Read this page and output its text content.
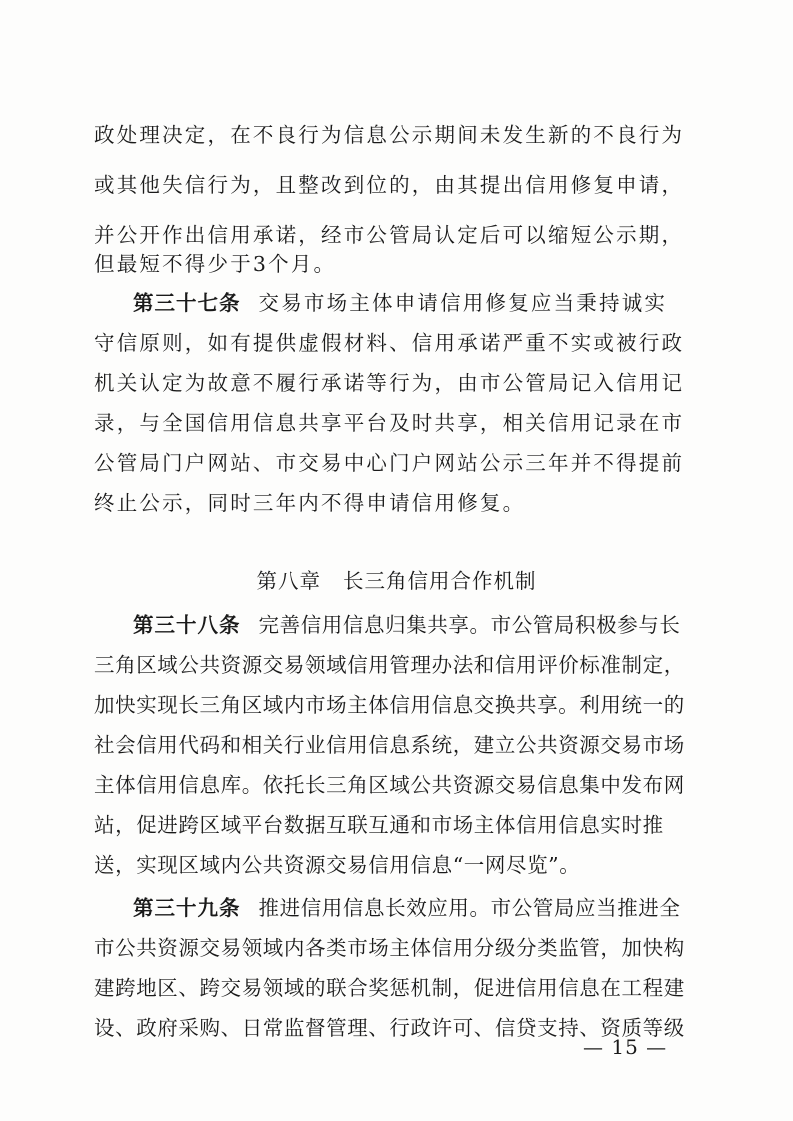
政处理决定，在不良行为信息公示期间未发生新的不良行为
或其他失信行为，且整改到位的，由其提出信用修复申请，
并公开作出信用承诺，经市公管局认定后可以缩短公示期，
但最短不得少于3个月。
第三十七条 交易市场主体申请信用修复应当秉持诚实
守信原则，如有提供虚假材料、信用承诺严重不实或被行政
机关认定为故意不履行承诺等行为，由市公管局记入信用记
录，与全国信用信息共享平台及时共享，相关信用记录在市
公管局门户网站、市交易中心门户网站公示三年并不得提前
终止公示，同时三年内不得申请信用修复。
第八章 长三角信用合作机制
第三十八条 完善信用信息归集共享。市公管局积极参与长
三角区域公共资源交易领域信用管理办法和信用评价标准制定，
加快实现长三角区域内市场主体信用信息交换共享。利用统一的
社会信用代码和相关行业信用信息系统，建立公共资源交易市场
主体信用信息库。依托长三角区域公共资源交易信息集中发布网
站，促进跨区域平台数据互联互通和市场主体信用信息实时推
送，实现区域内公共资源交易信用信息“一网尽览”。
第三十九条 推进信用信息长效应用。市公管局应当推进全
市公共资源交易领域内各类市场主体信用分级分类监管，加快构
建跨地区、跨交易领域的联合奖惩机制，促进信用信息在工程建
设、政府采购、日常监督管理、行政许可、信贷支持、资质等级
— 15 —
